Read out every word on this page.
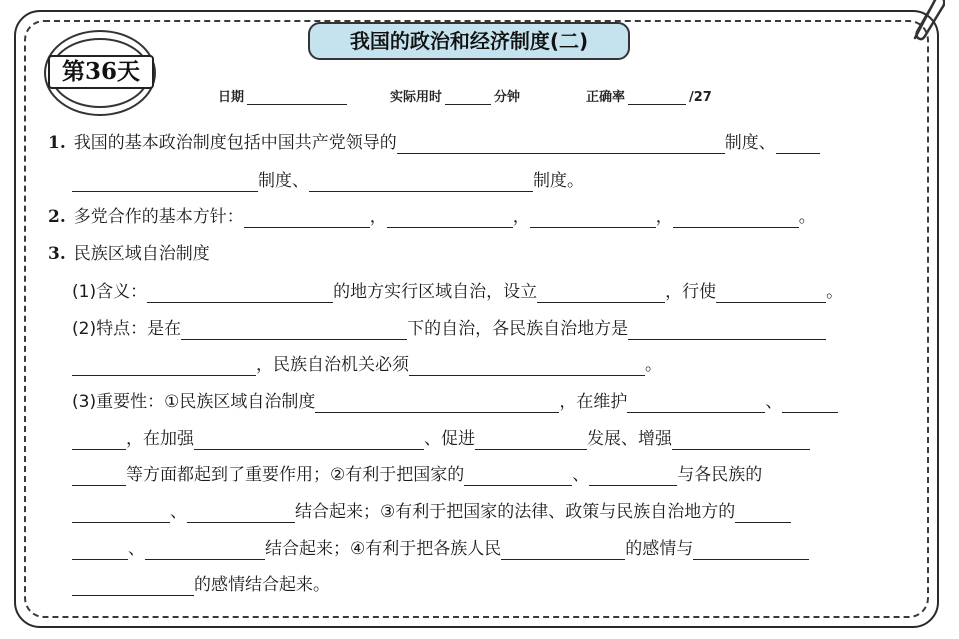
第36天
我国的政治和经济制度(二)
日期	实际用时	分钟	正确率	/27
1. 我国的基本政治制度包括中国共产党领导的	制度、
制度、	制度。
2. 多党合作的基本方针：	，	，	，	。
3. 民族区域自治制度
(1)含义：	的地方实行区域自治，设立	，行使	。
(2)特点：是在	下的自治，各民族自治地方是
，民族自治机关必须	。
(3)重要性：①民族区域自治制度	，在维护	、
，在加强	、促进	发展、增强
等方面都起到了重要作用；②有利于把国家的	、	与各民族的
、	结合起来；③有利于把国家的法律、政策与民族自治地方的
、	结合起来；④有利于把各族人民	的感情与
的感情结合起来。
